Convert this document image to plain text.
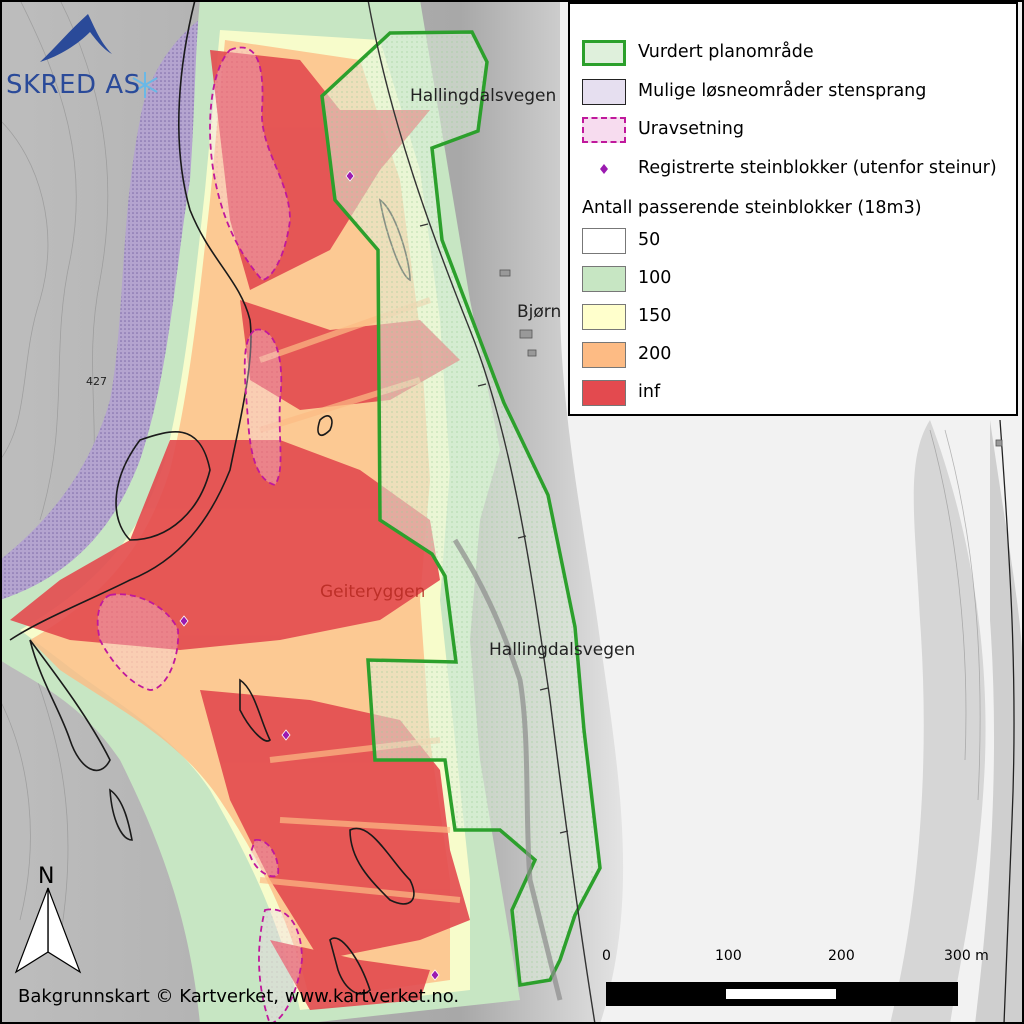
SKRED AS	Hallingdalsvegen
Bjørn
Geiteryggen
Hallingdalsvegen
427
Vurdert planområde
Mulige løsneområder stensprang
Uravsetning
Registrerte steinblokker (utenfor steinur)
Antall passerende steinblokker (18m3)
50
100
150
200
inf
N
0	100	200	300 m
Bakgrunnskart © Kartverket, www.kartverket.no.
